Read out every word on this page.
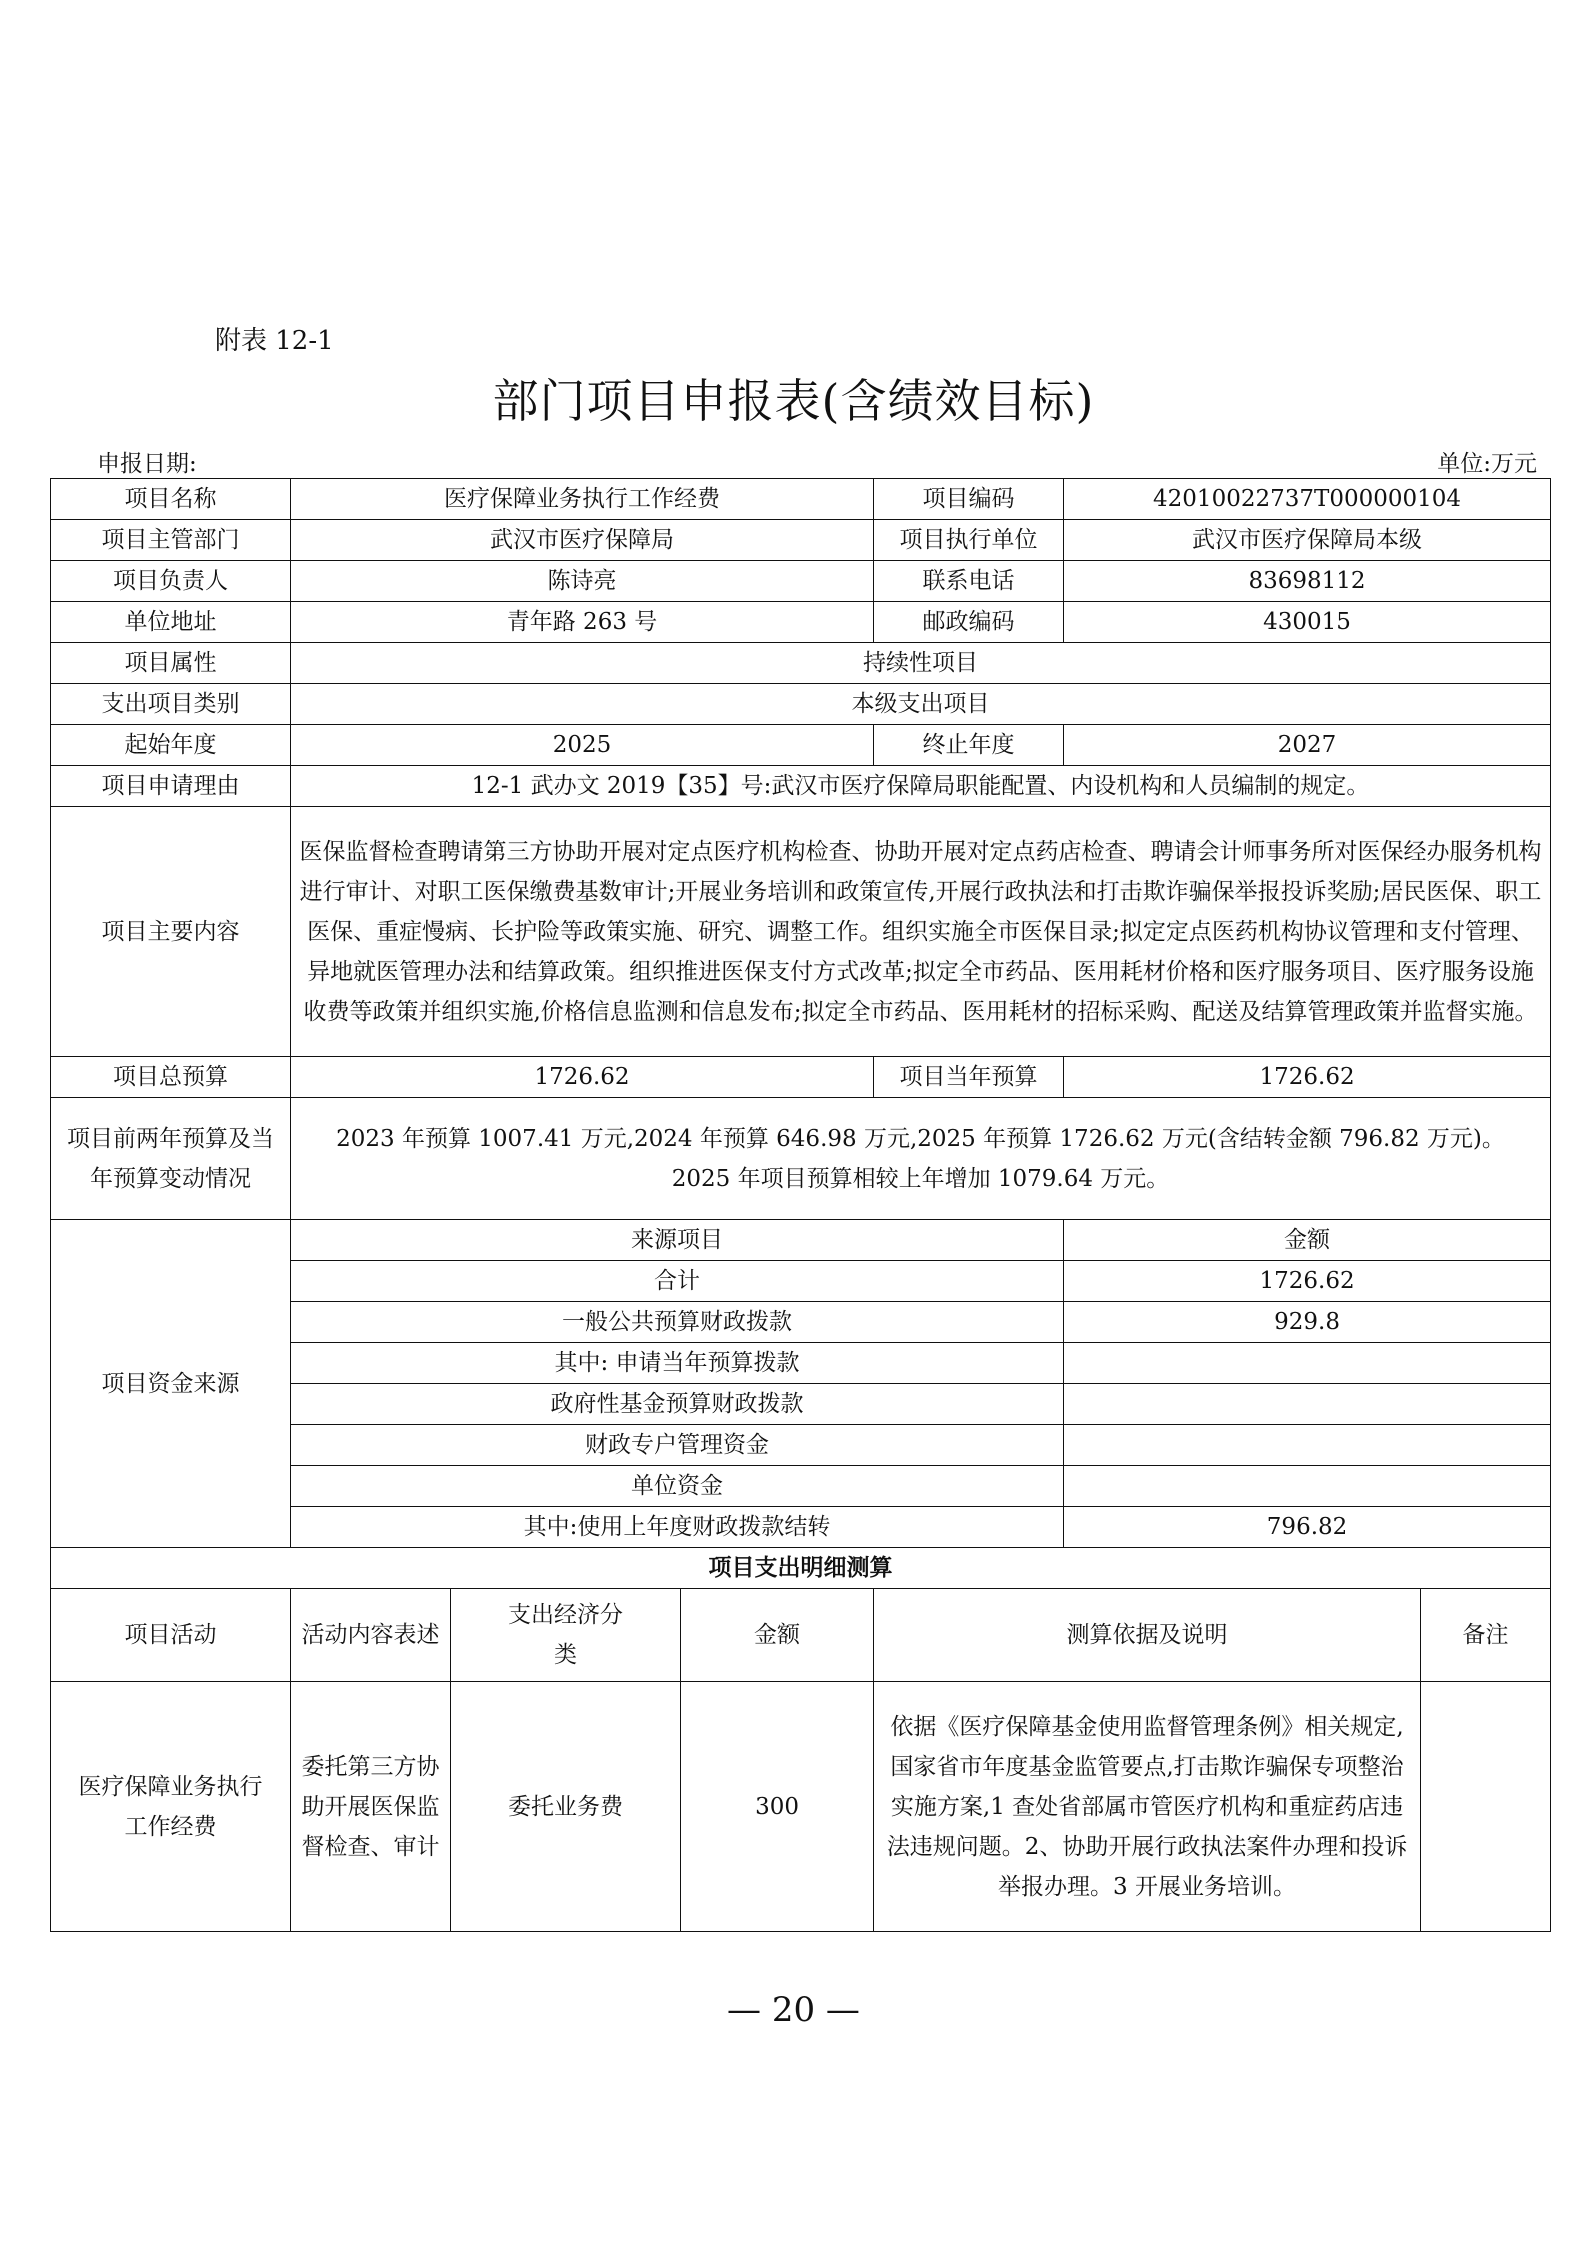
附表 12-1
部门项目申报表(含绩效目标)
申报日期:	单位:万元
项目名称	医疗保障业务执行工作经费			项目编码	42010022737T000000104	
项目主管部门	武汉市医疗保障局			项目执行单位	武汉市医疗保障局本级	
项目负责人	陈诗亮			联系电话	83698112	
单位地址	青年路 263 号			邮政编码	430015	
项目属性	持续性项目					
支出项目类别	本级支出项目					
起始年度	2025			终止年度	2027	
项目申请理由	12-1 武办文 2019【35】号:武汉市医疗保障局职能配置、内设机构和人员编制的规定。					
项目主要内容	医保监督检查聘请第三方协助开展对定点医疗机构检查、协助开展对定点药店检查、聘请会计师事务所对医保经办服务机构进行审计、对职工医保缴费基数审计;开展业务培训和政策宣传,开展行政执法和打击欺诈骗保举报投诉奖励;居民医保、职工医保、重症慢病、长护险等政策实施、研究、调整工作。组织实施全市医保目录;拟定定点医药机构协议管理和支付管理、异地就医管理办法和结算政策。组织推进医保支付方式改革;拟定全市药品、医用耗材价格和医疗服务项目、医疗服务设施收费等政策并组织实施,价格信息监测和信息发布;拟定全市药品、医用耗材的招标采购、配送及结算管理政策并监督实施。					
项目总预算	1726.62			项目当年预算	1726.62	
项目前两年预算及当年预算变动情况	2023 年预算 1007.41 万元,2024 年预算 646.98 万元,2025 年预算 1726.62 万元(含结转金额 796.82 万元)。
2025 年项目预算相较上年增加 1079.64 万元。					

项目资金来源	来源项目				金额	
	合计				1726.62	
	一般公共预算财政拨款				929.8	
	其中: 申请当年预算拨款					
	政府性基金预算财政拨款					
	财政专户管理资金					
	单位资金					
	其中:使用上年度财政拨款结转				796.82	
项目支出明细测算						
项目活动	活动内容表述	支出经济分类	金额	测算依据及说明		备注
医疗保障业务执行工作经费	委托第三方协助开展医保监督检查、审计	委托业务费	300	依据《医疗保障基金使用监督管理条例》相关规定,国家省市年度基金监管要点,打击欺诈骗保专项整治实施方案,1 查处省部属市管医疗机构和重症药店违法违规问题。2、协助开展行政执法案件办理和投诉举报办理。3 开展业务培训。		
— 20 —
